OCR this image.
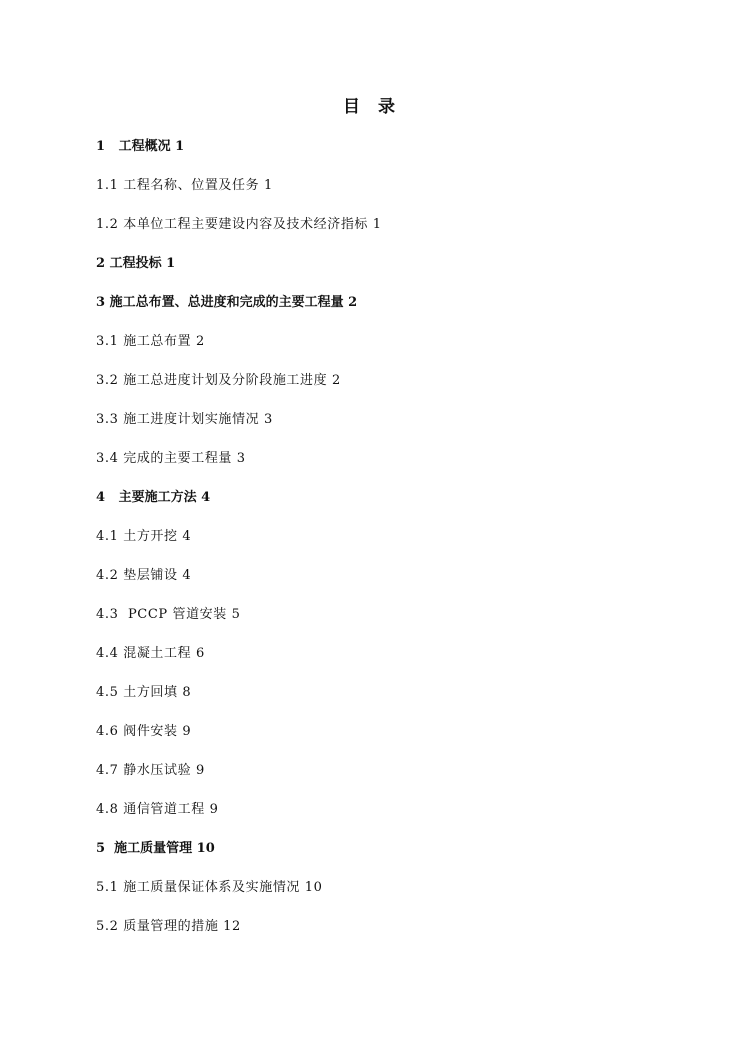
目 录
1 工程概况 1
1.1 工程名称、位置及任务 1
1.2 本单位工程主要建设内容及技术经济指标 1
2 工程投标 1
3 施工总布置、总进度和完成的主要工程量 2
3.1 施工总布置 2
3.2 施工总进度计划及分阶段施工进度 2
3.3 施工进度计划实施情况 3
3.4 完成的主要工程量 3
4 主要施工方法 4
4.1 土方开挖 4
4.2 垫层铺设 4
4.3 PCCP 管道安装 5
4.4 混凝土工程 6
4.5 土方回填 8
4.6 阀件安装 9
4.7 静水压试验 9
4.8 通信管道工程 9
5 施工质量管理 10
5.1 施工质量保证体系及实施情况 10
5.2 质量管理的措施 12
